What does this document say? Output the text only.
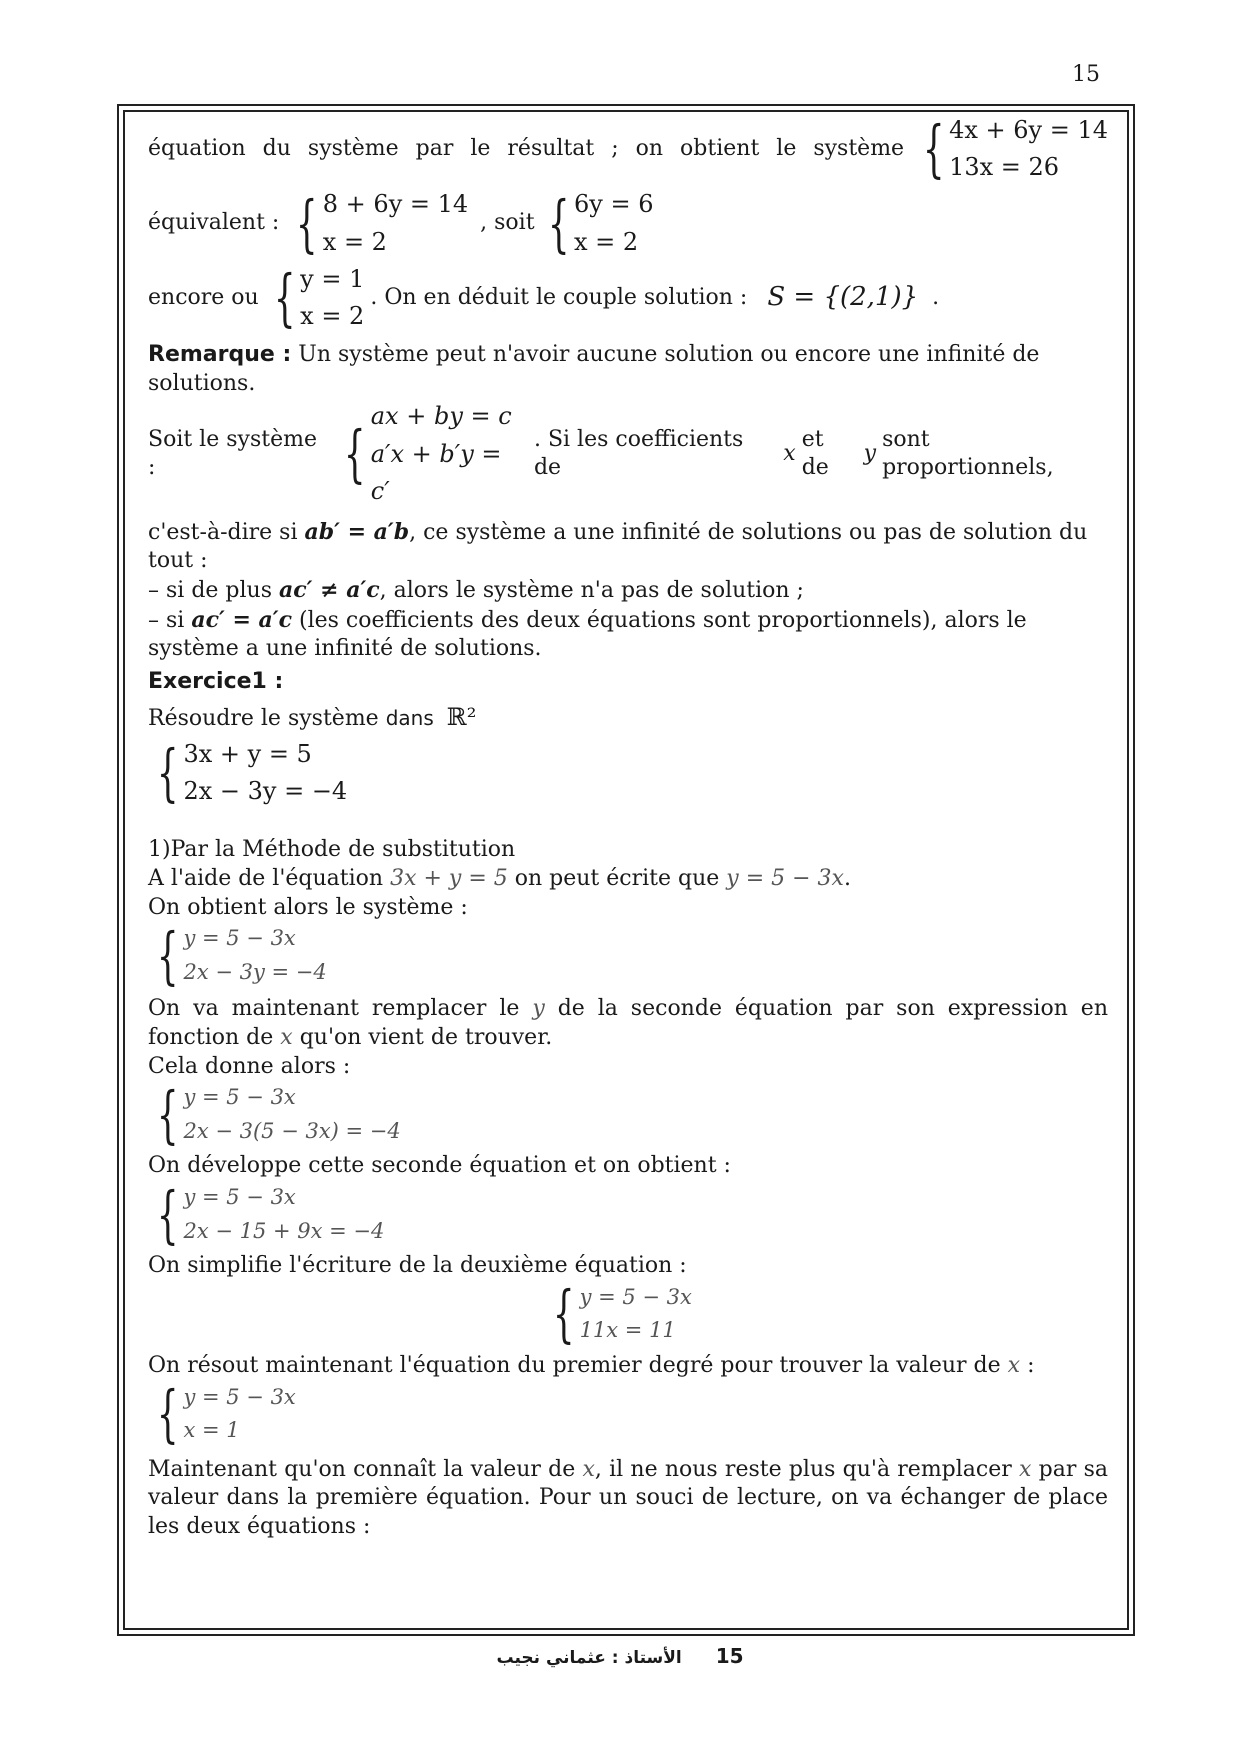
15
équation du système par le résultat ; on obtient le système { 4x + 6y = 14
13x = 26
équivalent : { 8 + 6y = 14
x = 2
, soit { 6y = 6
x = 2
encore ou { y = 1
x = 2
. On en déduit le couple solution : S = {(2,1)} .

Remarque : Un système peut n'avoir aucune solution ou encore une infinité de solutions.

Soit le système :	{
ax + by = c
a′x + b′y = c′
. Si les coefficients de
x
et de
y
sont proportionnels,

c'est-à-dire si ab′ = a′b, ce système a une infinité de solutions ou pas de solution du tout :

– si de plus ac′ ≠ a′c, alors le système n'a pas de solution ;

– si ac′ = a′c (les coefficients des deux équations sont proportionnels), alors le système a une infinité de solutions.

Exercice1 :

Résoudre le système dans ℝ²

{ 3x + y = 5
2x − 3y = −4

1)Par la Méthode de substitution

A l'aide de l'équation 3x + y = 5 on peut écrite que y = 5 − 3x.

On obtient alors le système :

{ y = 5 − 3x
2x − 3y = −4

On va maintenant remplacer le y de la seconde équation par son expression en fonction de x qu'on vient de trouver.

Cela donne alors :

{ y = 5 − 3x
2x − 3(5 − 3x) = −4

On développe cette seconde équation et on obtient :

{ y = 5 − 3x
2x − 15 + 9x = −4

On simplifie l'écriture de la deuxième équation :

{ y = 5 − 3x
11x = 11

On résout maintenant l'équation du premier degré pour trouver la valeur de x :

{ y = 5 − 3x
x = 1

Maintenant qu'on connaît la valeur de x, il ne nous reste plus qu'à remplacer x par sa valeur dans la première équation. Pour un souci de lecture, on va échanger de place les deux équations :

الأستاذ : عثماني نجيب 15
